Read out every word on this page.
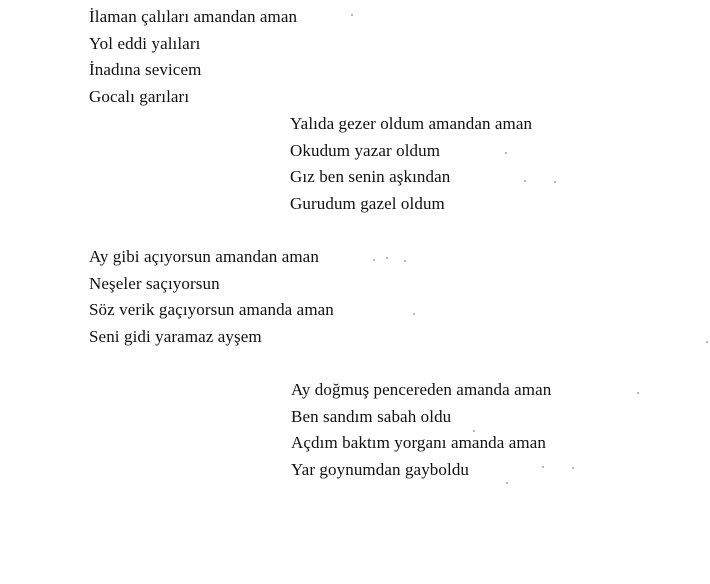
İlaman çalıları amandan aman
Yol eddi yalıları
İnadına sevicem
Gocalı garıları
Yalıda gezer oldum amandan aman
Okudum yazar oldum
Gız ben senin aşkından
Gurudum gazel oldum
Ay gibi açıyorsun amandan aman
Neşeler saçıyorsun
Söz verik gaçıyorsun amanda aman
Seni gidi yaramaz ayşem
Ay doğmuş pencereden amanda aman
Ben sandım sabah oldu
Açdım baktım yorganı amanda aman
Yar goynumdan gayboldu
